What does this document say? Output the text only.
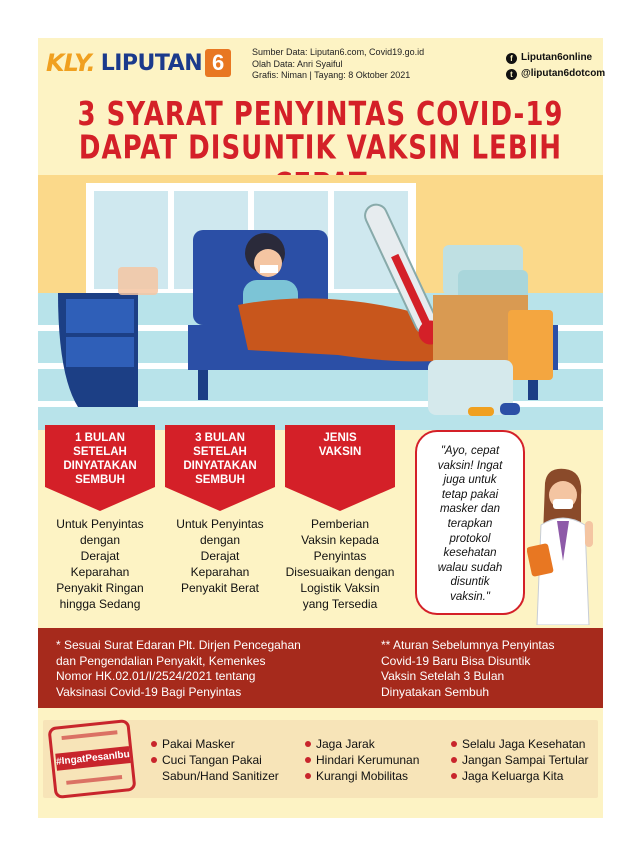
KLY. LIPUTAN 6	Sumber Data: Liputan6.com, Covid19.go.id
Olah Data: Anri Syaiful
Grafis: Niman | Tayang: 8 Oktober 2021
f Liputan6online
t @liputan6dotcom
3 SYARAT PENYINTAS COVID-19
DAPAT DISUNTIK VAKSIN LEBIH
1 BULAN
SETELAH
DINYATAKAN
SEMBUH
Untuk Penyintas
dengan
Derajat
Keparahan
Penyakit Ringan
hingga Sedang
3 BULAN
SETELAH
DINYATAKAN
SEMBUH
Untuk Penyintas
dengan
Derajat
Keparahan
Penyakit Berat
JENIS
VAKSIN
Pemberian
Vaksin kepada
Penyintas
Disesuaikan dengan
Logistik Vaksin
yang Tersedia
"Ayo, cepat
vaksin! Ingat
juga untuk
tetap pakai
masker dan
terapkan
protokol
kesehatan
walau sudah
disuntik
vaksin."
* Sesuai Surat Edaran Plt. Dirjen Pencegahan
dan Pengendalian Penyakit, Kemenkes
Nomor HK.02.01/I/2524/2021 tentang
Vaksinasi Covid-19 Bagi Penyintas
** Aturan Sebelumnya Penyintas
Covid-19 Baru Bisa Disuntik
Vaksin Setelah 3 Bulan
Dinyatakan Sembuh
#IngatPesanIbu
Pakai Masker
Cuci Tangan Pakai
Sabun/Hand Sanitizer
Jaga Jarak
Hindari Kerumunan
Kurangi Mobilitas
Selalu Jaga Kesehatan
Jangan Sampai Tertular
Jaga Keluarga Kita
